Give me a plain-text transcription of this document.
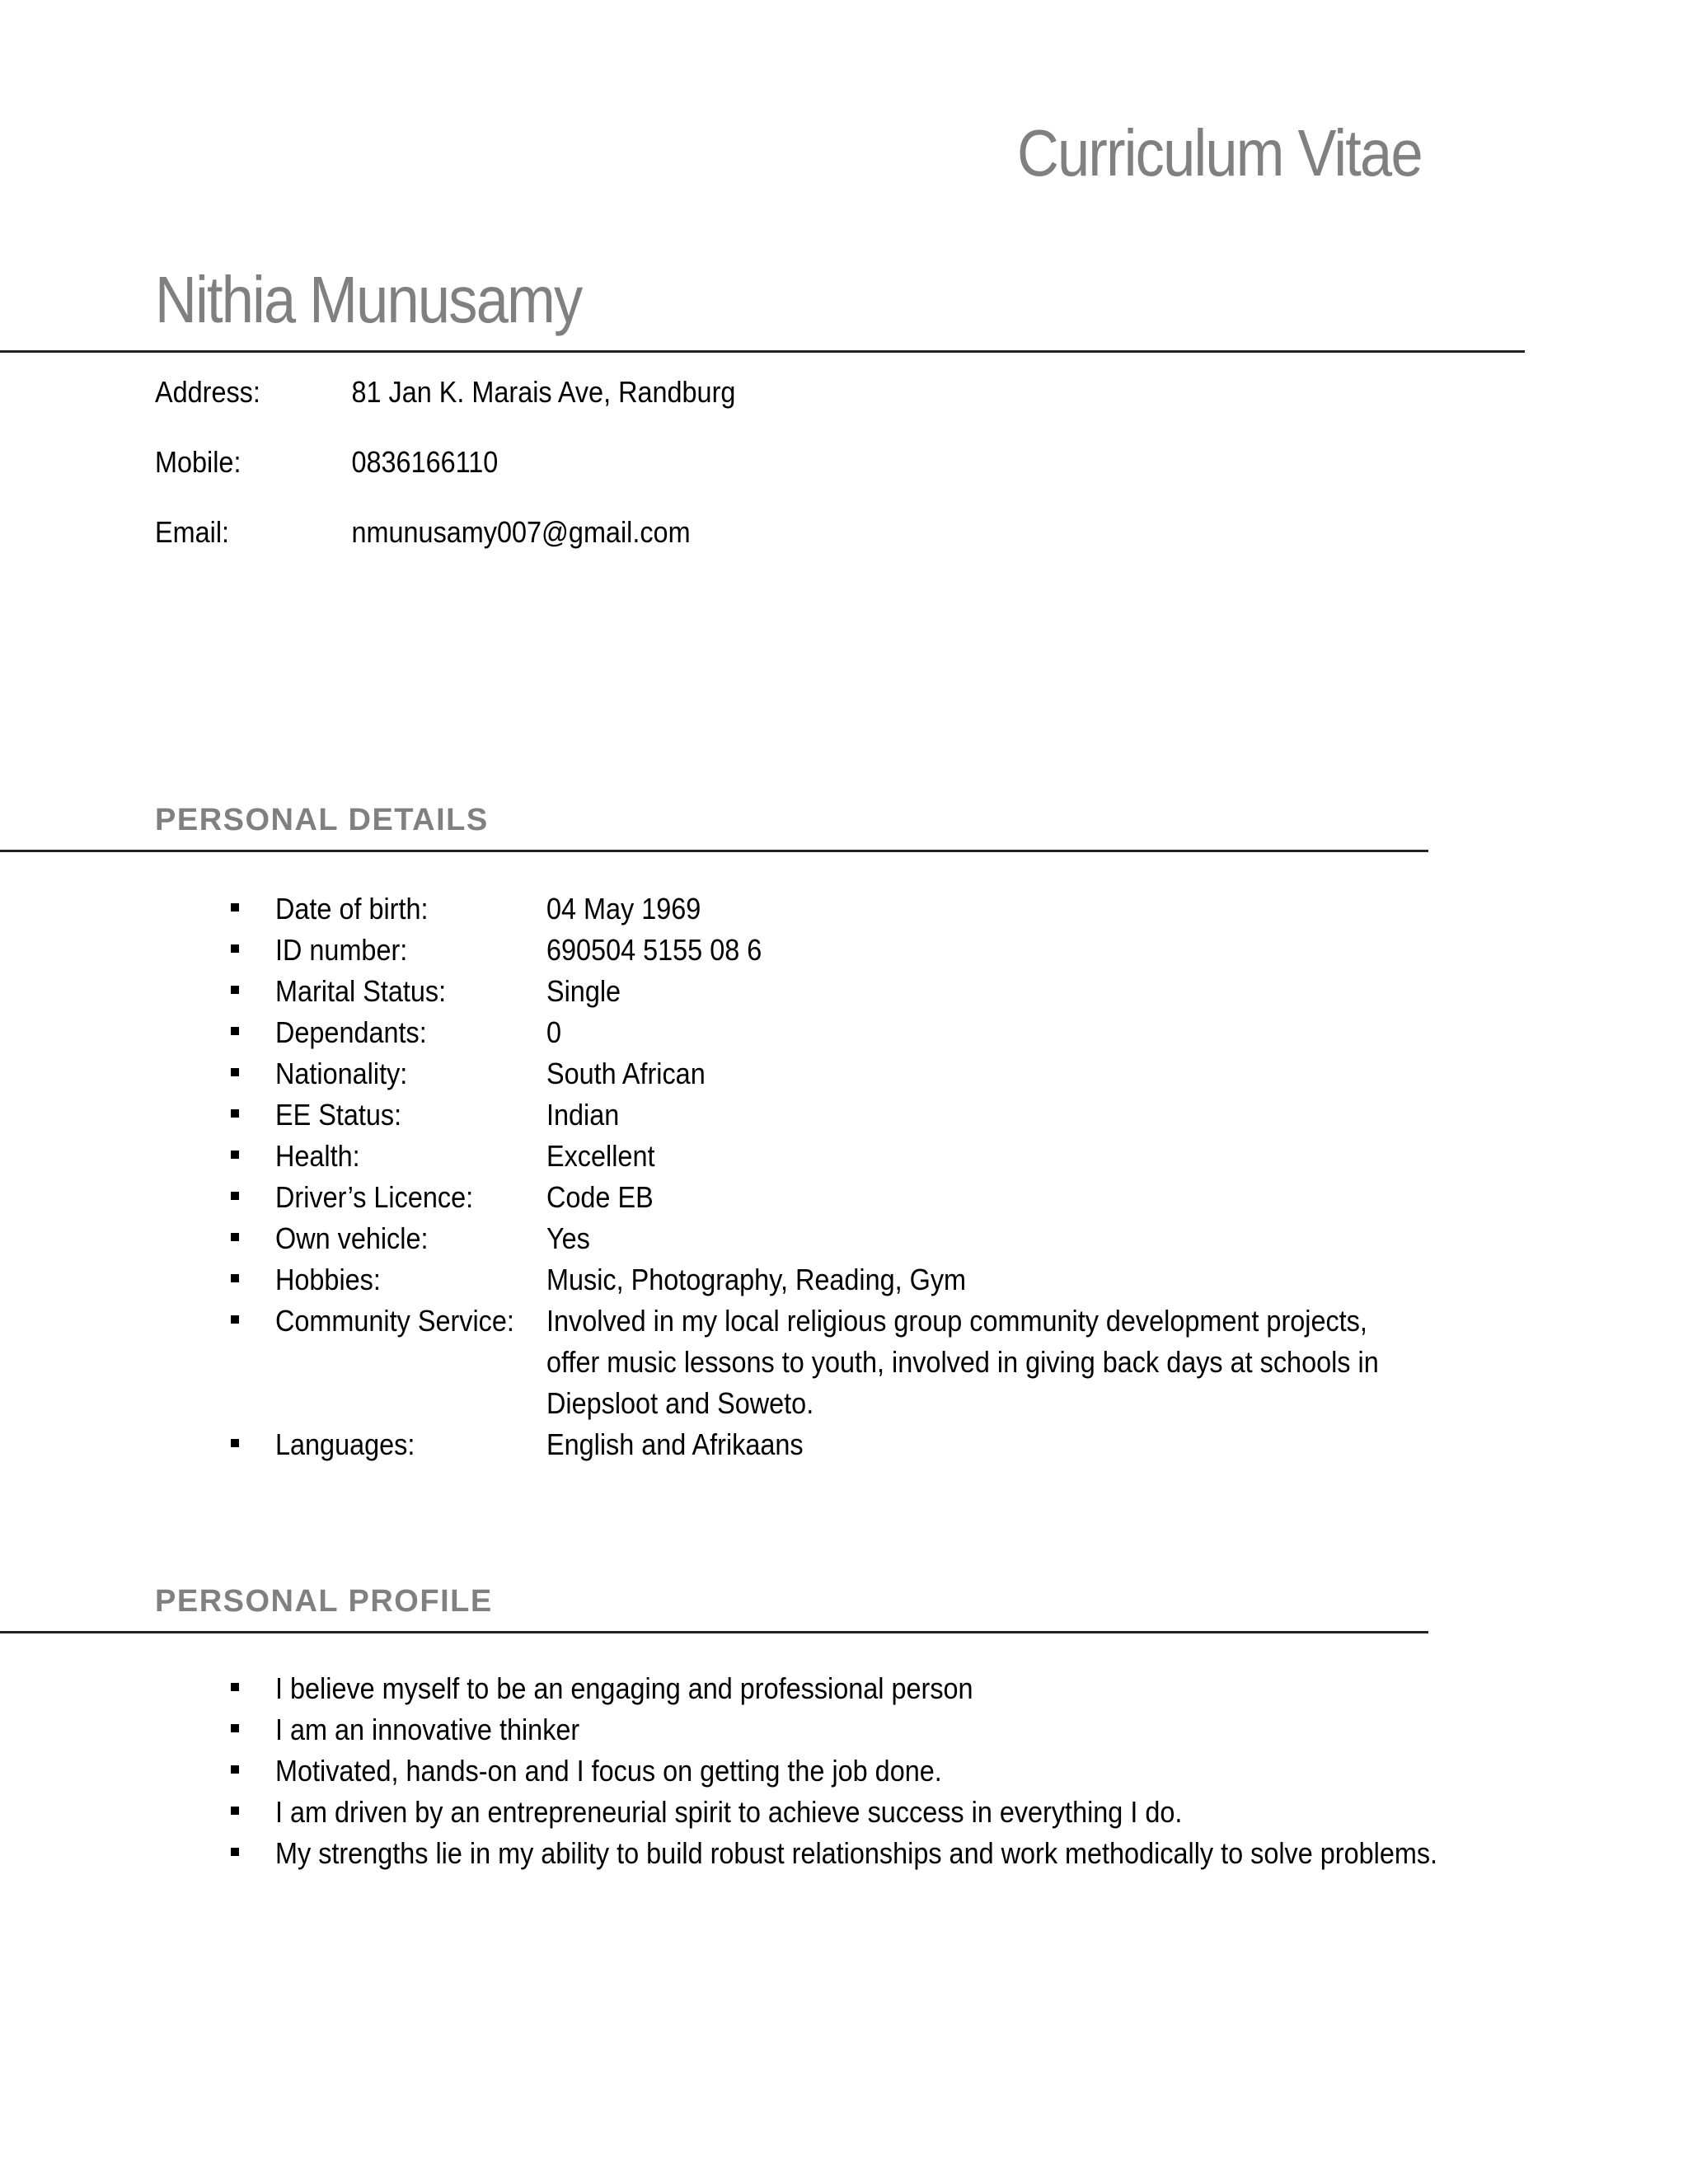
Curriculum Vitae
Nithia Munusamy
Address:	81 Jan K. Marais Ave, Randburg
Mobile:	0836166110
Email:	nmunusamy007@gmail.com
PERSONAL DETAILS
Date of birth:	04 May 1969
ID number:	690504 5155 08 6
Marital Status:	Single
Dependants:	0
Nationality:	South African
EE Status:	Indian
Health:	Excellent
Driver’s Licence: Code EB
Own vehicle:	Yes
Hobbies:	Music, Photography, Reading, Gym
Community Service: Involved in my local religious group community development projects, offer music lessons to youth, involved in giving back days at schools in Diepsloot and Soweto.
Languages:	English and Afrikaans
PERSONAL PROFILE
I believe myself to be an engaging and professional person
I am an innovative thinker
Motivated, hands-on and I focus on getting the job done.
I am driven by an entrepreneurial spirit to achieve success in everything I do.
My strengths lie in my ability to build robust relationships and work methodically to solve problems.
